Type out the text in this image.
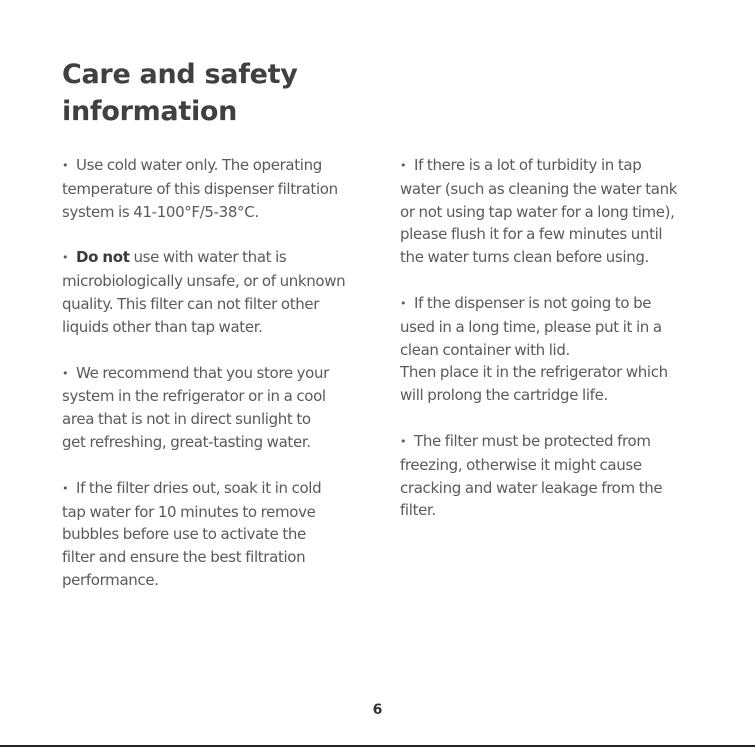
Care and safety
information

• Use cold water only. The operating
temperature of this dispenser filtration
system is 41-100°F/5-38°C.

• Do not use with water that is
microbiologically unsafe, or of unknown
quality. This filter can not filter other
liquids other than tap water.

• We recommend that you store your
system in the refrigerator or in a cool
area that is not in direct sunlight to
get refreshing, great-tasting water.

• If the filter dries out, soak it in cold
tap water for 10 minutes to remove
bubbles before use to activate the
filter and ensure the best filtration
performance.

• If there is a lot of turbidity in tap
water (such as cleaning the water tank
or not using tap water for a long time),
please flush it for a few minutes until
the water turns clean before using.

• If the dispenser is not going to be
used in a long time, please put it in a
clean container with lid.
Then place it in the refrigerator which
will prolong the cartridge life.

• The filter must be protected from
freezing, otherwise it might cause
cracking and water leakage from the
filter.

6
